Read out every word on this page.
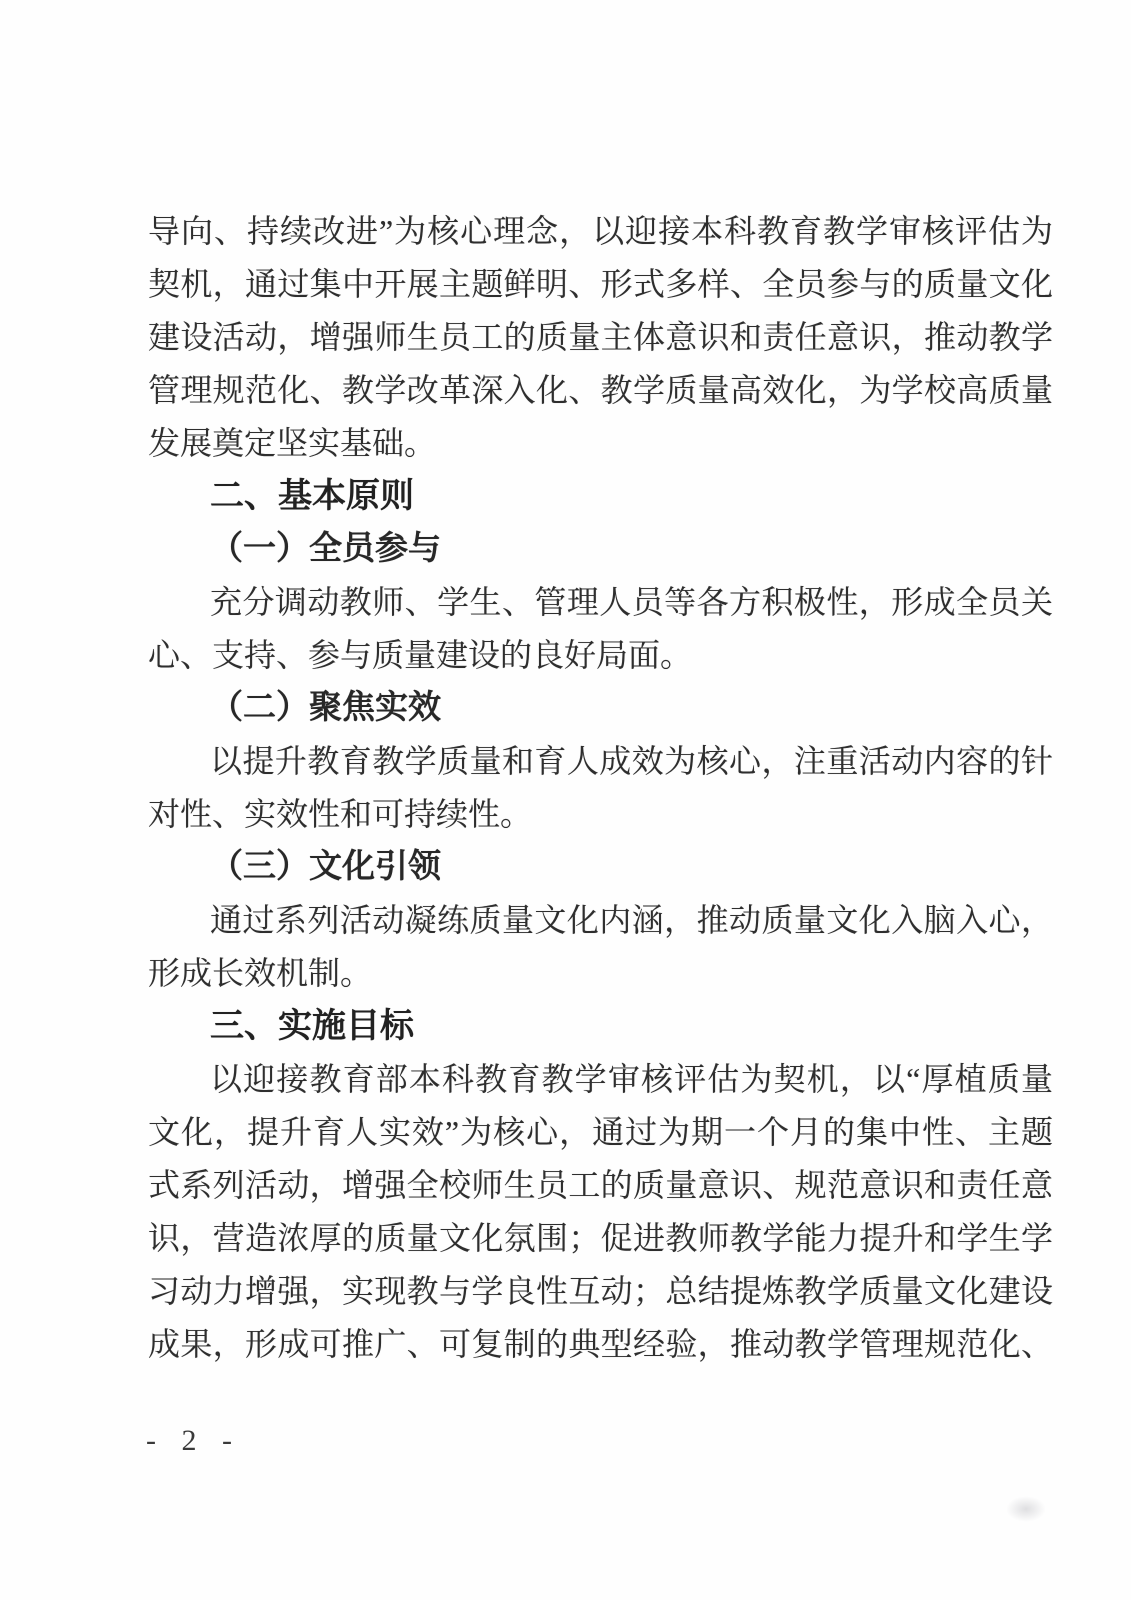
导向、持续改进”为核心理念，以迎接本科教育教学审核评估为
契机，通过集中开展主题鲜明、形式多样、全员参与的质量文化
建设活动，增强师生员工的质量主体意识和责任意识，推动教学
管理规范化、教学改革深入化、教学质量高效化，为学校高质量
发展奠定坚实基础。
二、基本原则
（一）全员参与
充分调动教师、学生、管理人员等各方积极性，形成全员关
心、支持、参与质量建设的良好局面。
（二）聚焦实效
以提升教育教学质量和育人成效为核心，注重活动内容的针
对性、实效性和可持续性。
（三）文化引领
通过系列活动凝练质量文化内涵，推动质量文化入脑入心，
形成长效机制。
三、实施目标
以迎接教育部本科教育教学审核评估为契机，以“厚植质量
文化，提升育人实效”为核心，通过为期一个月的集中性、主题
式系列活动，增强全校师生员工的质量意识、规范意识和责任意
识，营造浓厚的质量文化氛围；促进教师教学能力提升和学生学
习动力增强，实现教与学良性互动；总结提炼教学质量文化建设
成果，形成可推广、可复制的典型经验，推动教学管理规范化、
- 2 -
